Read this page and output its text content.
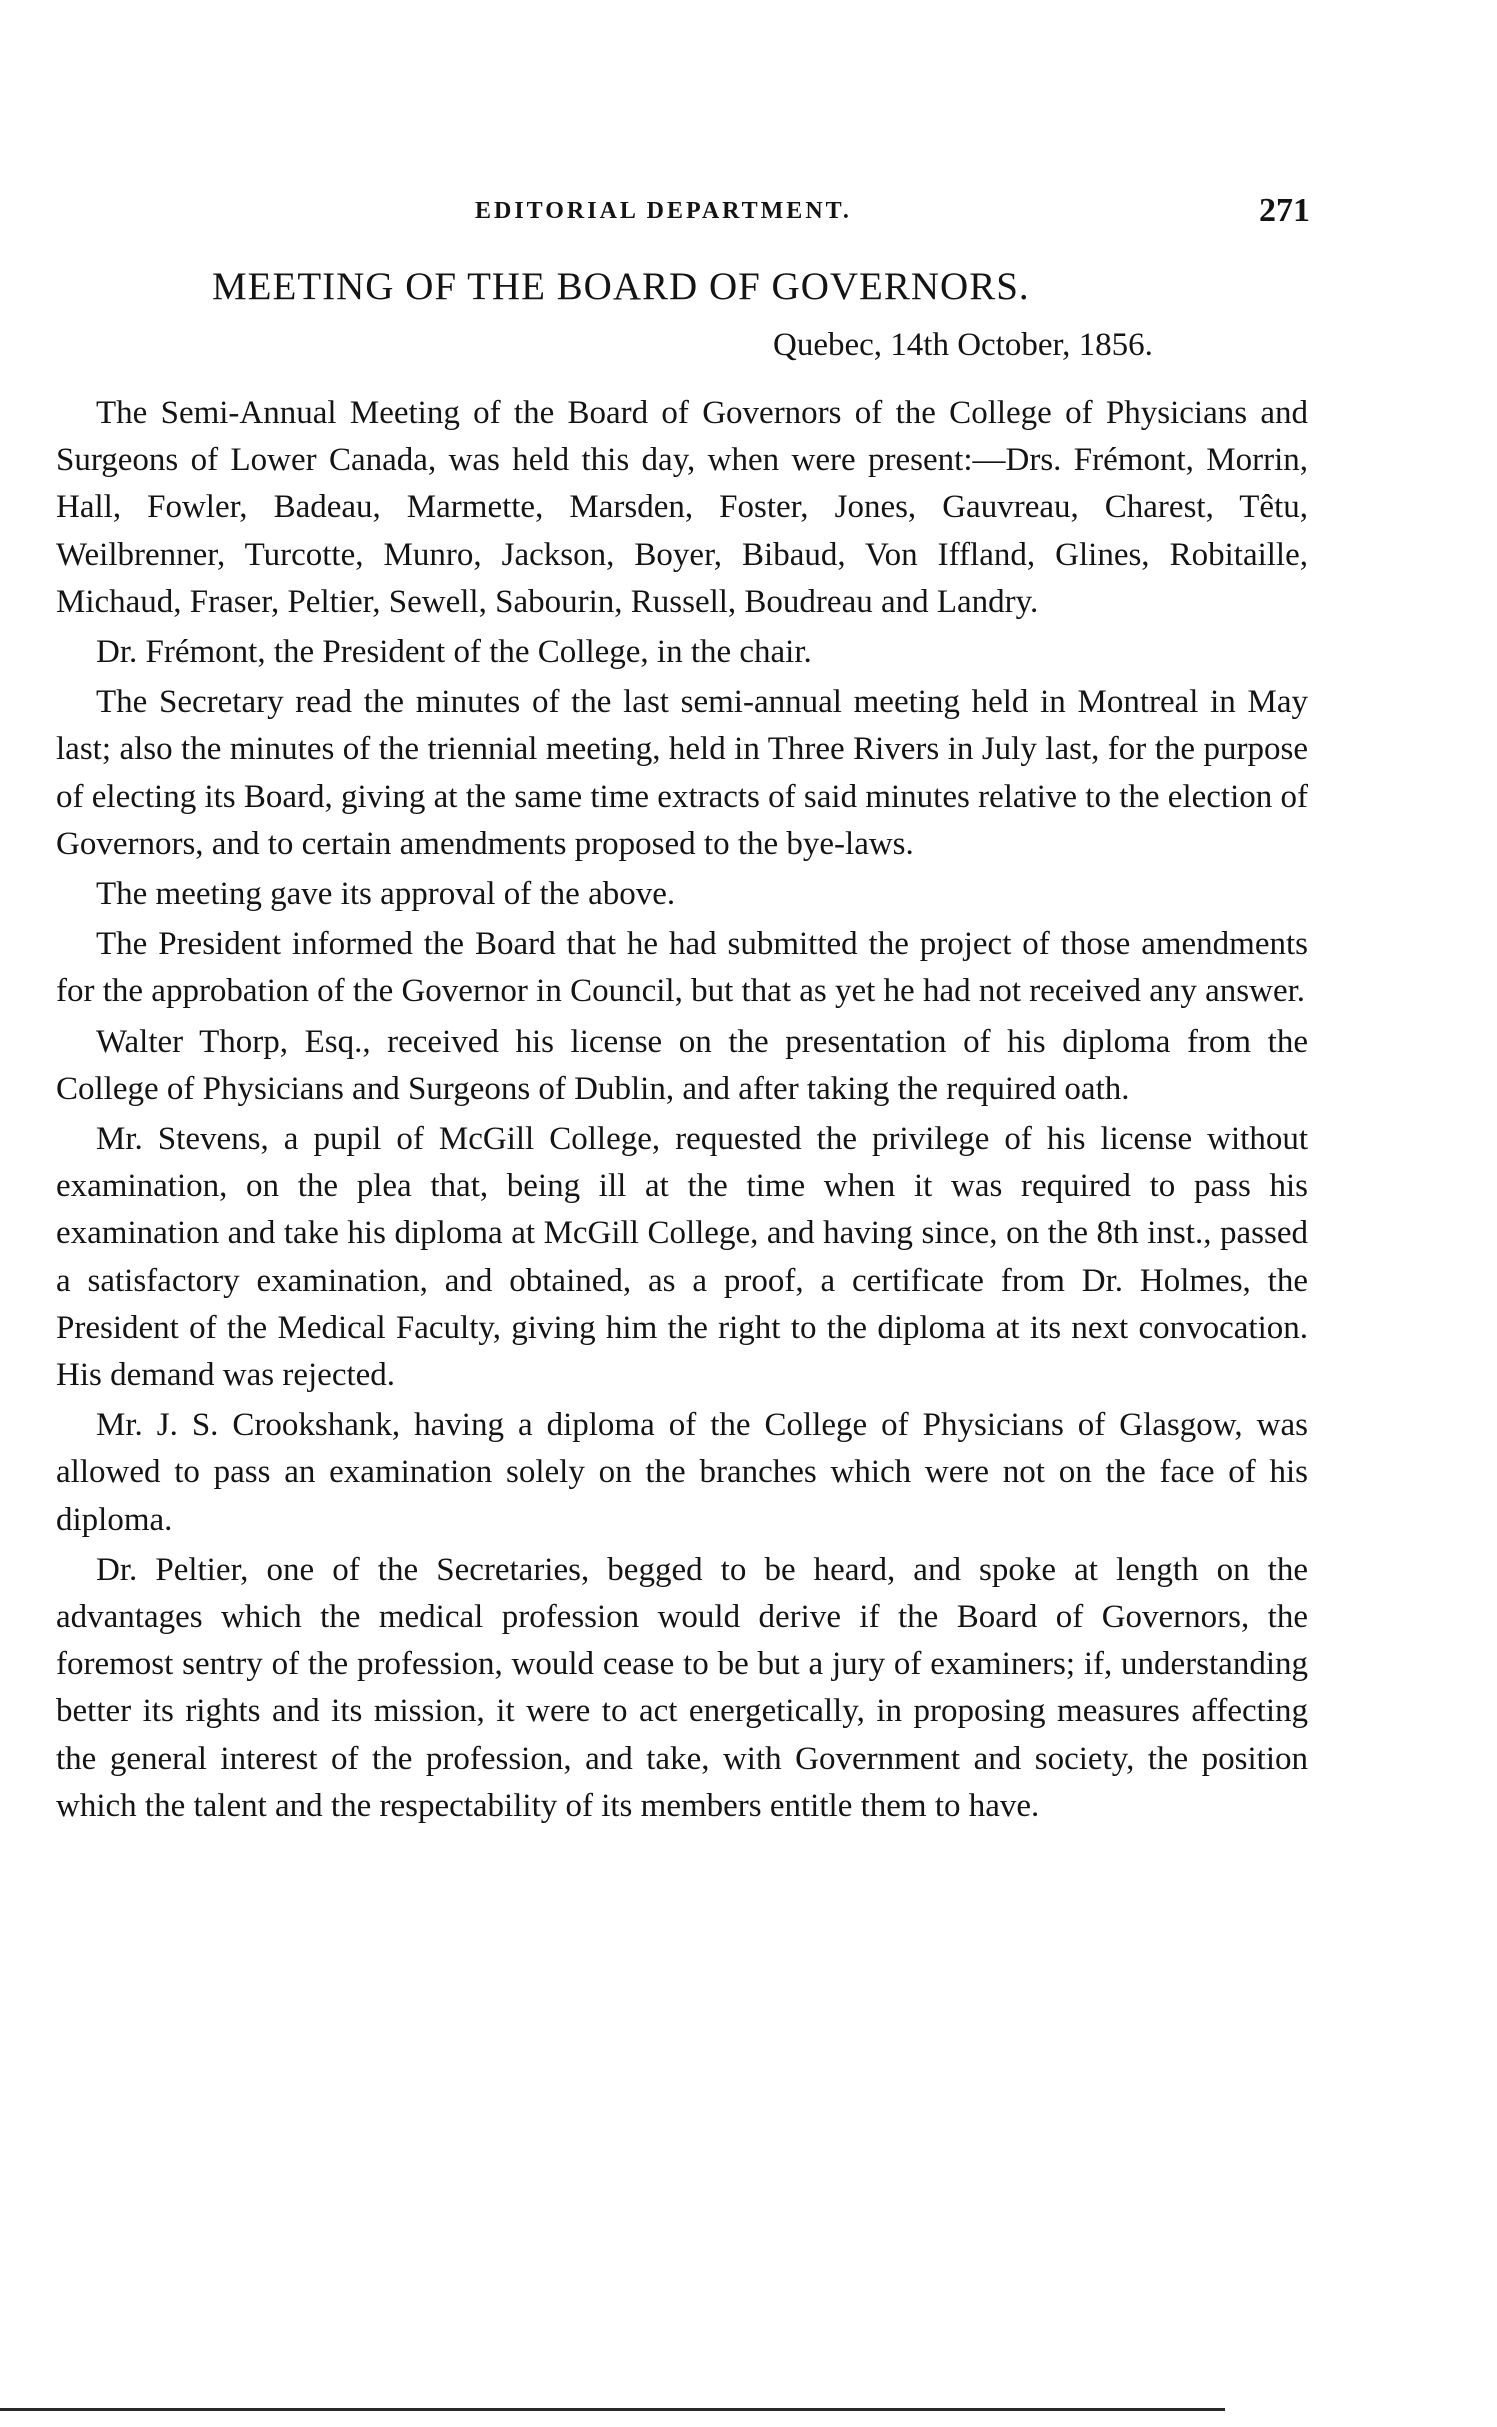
EDITORIAL DEPARTMENT.	271
MEETING OF THE BOARD OF GOVERNORS.
Quebec, 14th October, 1856.

The Semi-Annual Meeting of the Board of Governors of the College of Physicians and Surgeons of Lower Canada, was held this day, when were present:—Drs. Frémont, Morrin, Hall, Fowler, Badeau, Marmette, Marsden, Foster, Jones, Gauvreau, Charest, Têtu, Weilbrenner, Turcotte, Munro, Jackson, Boyer, Bibaud, Von Iffland, Glines, Robitaille, Michaud, Fraser, Peltier, Sewell, Sabourin, Russell, Boudreau and Landry.

Dr. Frémont, the President of the College, in the chair.

The Secretary read the minutes of the last semi-annual meeting held in Montreal in May last; also the minutes of the triennial meeting, held in Three Rivers in July last, for the purpose of electing its Board, giving at the same time extracts of said minutes relative to the election of Governors, and to certain amendments proposed to the bye-laws.

The meeting gave its approval of the above.

The President informed the Board that he had submitted the project of those amendments for the approbation of the Governor in Council, but that as yet he had not received any answer.

Walter Thorp, Esq., received his license on the presentation of his diploma from the College of Physicians and Surgeons of Dublin, and after taking the required oath.

Mr. Stevens, a pupil of McGill College, requested the privilege of his license without examination, on the plea that, being ill at the time when it was required to pass his examination and take his diploma at McGill College, and having since, on the 8th inst., passed a satisfactory examination, and obtained, as a proof, a certificate from Dr. Holmes, the President of the Medical Faculty, giving him the right to the diploma at its next convocation. His demand was rejected.

Mr. J. S. Crookshank, having a diploma of the College of Physicians of Glasgow, was allowed to pass an examination solely on the branches which were not on the face of his diploma.

Dr. Peltier, one of the Secretaries, begged to be heard, and spoke at length on the advantages which the medical profession would derive if the Board of Governors, the foremost sentry of the profession, would cease to be but a jury of examiners; if, understanding better its rights and its mission, it were to act energetically, in proposing measures affecting the general interest of the profession, and take, with Government and society, the position which the talent and the respectability of its members entitle them to have.
